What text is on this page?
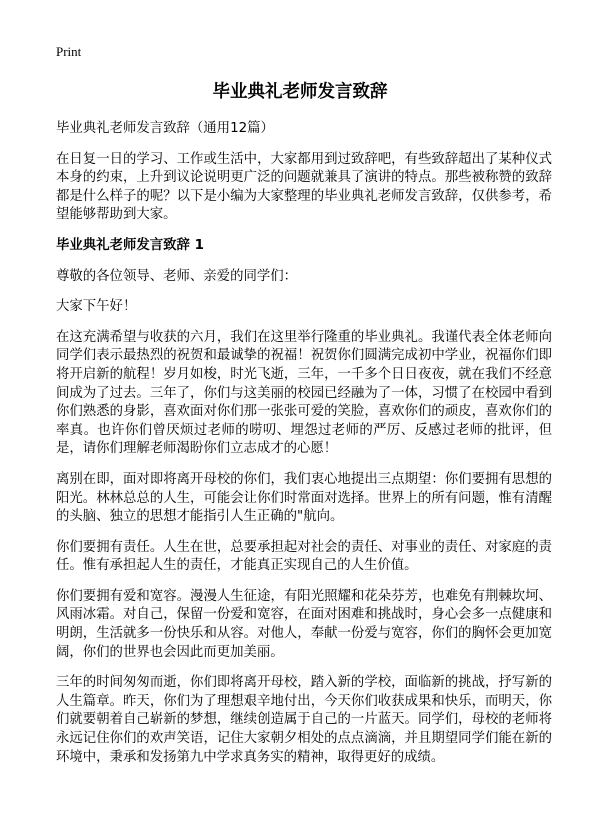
Print
毕业典礼老师发言致辞

毕业典礼老师发言致辞（通用12篇）

在日复一日的学习、工作或生活中，大家都用到过致辞吧，有些致辞超出了某种仪式本身的约束，上升到议论说明更广泛的问题就兼具了演讲的特点。那些被称赞的致辞都是什么样子的呢？以下是小编为大家整理的毕业典礼老师发言致辞，仅供参考，希望能够帮助到大家。

毕业典礼老师发言致辞 1

尊敬的各位领导、老师、亲爱的同学们：

大家下午好！

在这充满希望与收获的六月，我们在这里举行隆重的毕业典礼。我谨代表全体老师向同学们表示最热烈的祝贺和最诚挚的祝福！祝贺你们圆满完成初中学业，祝福你们即将开启新的航程！岁月如梭，时光飞逝，三年，一千多个日日夜夜，就在我们不经意间成为了过去。三年了，你们与这美丽的校园已经融为了一体，习惯了在校园中看到你们熟悉的身影，喜欢面对你们那一张张可爱的笑脸，喜欢你们的顽皮，喜欢你们的率真。也许你们曾厌烦过老师的唠叨、埋怨过老师的严厉、反感过老师的批评，但是，请你们理解老师渴盼你们立志成才的心愿！

离别在即，面对即将离开母校的你们，我们衷心地提出三点期望：你们要拥有思想的阳光。林林总总的人生，可能会让你们时常面对选择。世界上的所有问题，惟有清醒的头脑、独立的思想才能指引人生正确的"航向。

你们要拥有责任。人生在世，总要承担起对社会的责任、对事业的责任、对家庭的责任。惟有承担起人生的责任，才能真正实现自己的人生价值。

你们要拥有爱和宽容。漫漫人生征途，有阳光照耀和花朵芬芳，也难免有荆棘坎坷、风雨冰霜。对自己，保留一份爱和宽容，在面对困难和挑战时，身心会多一点健康和明朗，生活就多一份快乐和从容。对他人，奉献一份爱与宽容，你们的胸怀会更加宽阔，你们的世界也会因此而更加美丽。

三年的时间匆匆而逝，你们即将离开母校，踏入新的学校，面临新的挑战，抒写新的人生篇章。昨天，你们为了理想艰辛地付出，今天你们收获成果和快乐，而明天，你们就要朝着自己崭新的梦想，继续创造属于自己的一片蓝天。同学们，母校的老师将永远记住你们的欢声笑语，记住大家朝夕相处的点点滴滴，并且期望同学们能在新的环境中，秉承和发扬第九中学求真务实的精神，取得更好的成绩。
